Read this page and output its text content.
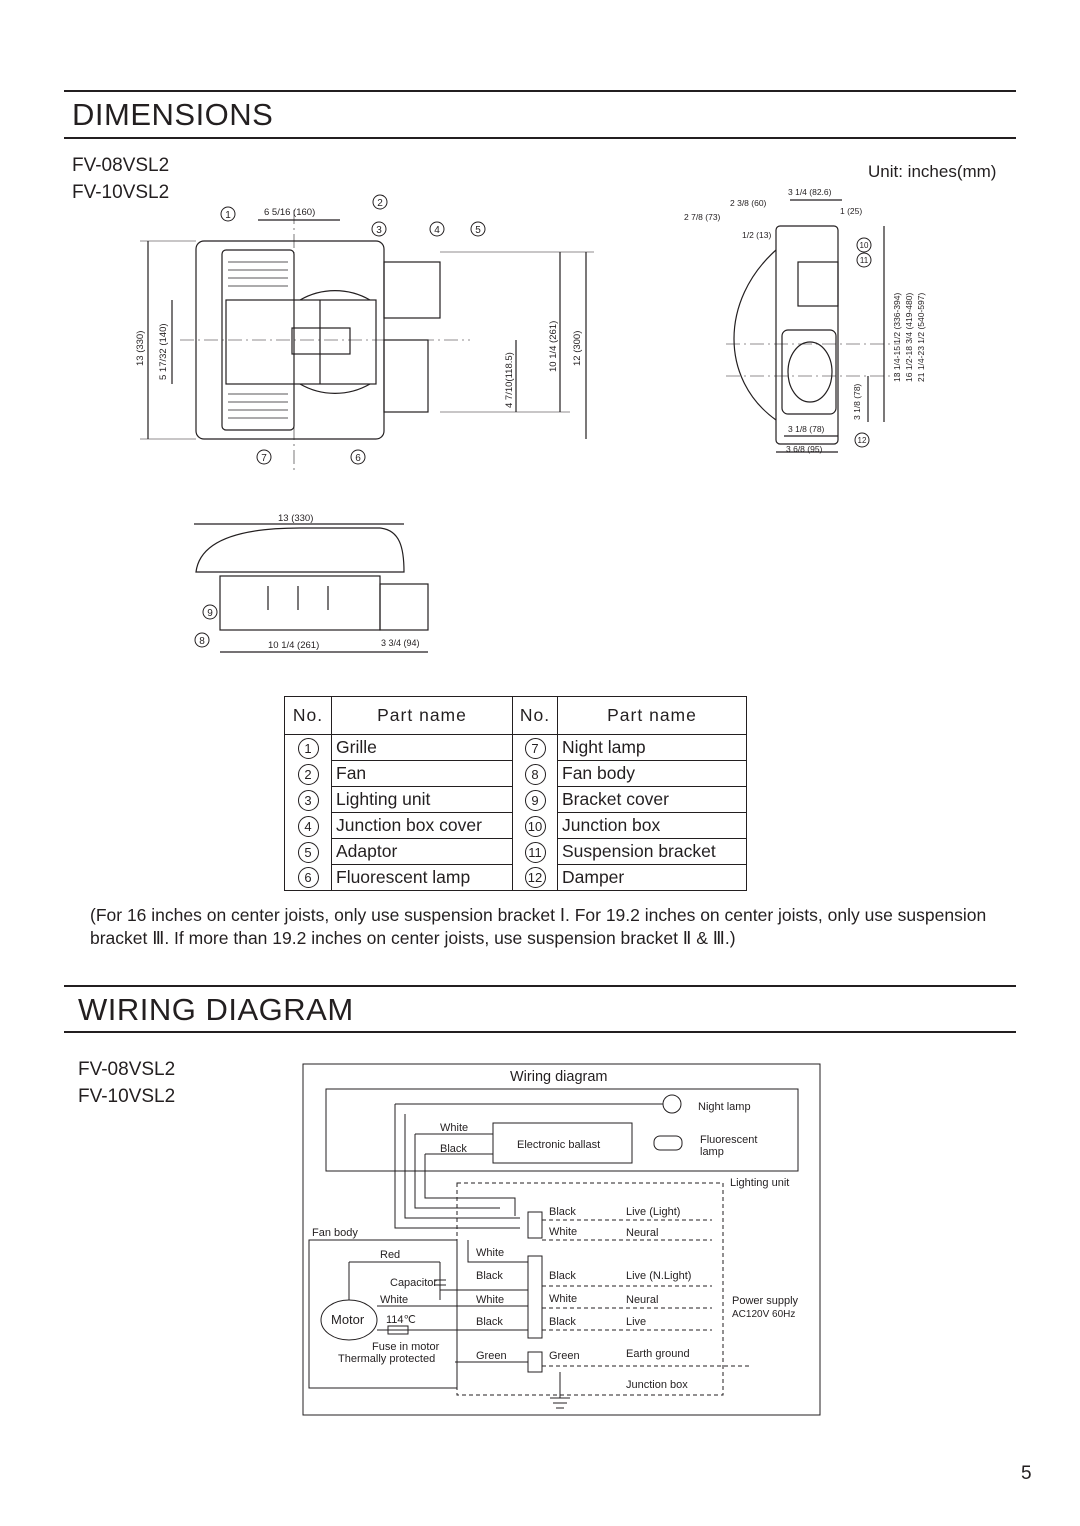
DIMENSIONS
FV-08VSL2
FV-10VSL2
Unit: inches(mm)
6 5/16 (160)
13 (330) 5 17/32 (140)
4 7/10(118.5)
10 1/4 (261) 12 (300)
3 1/4 (82.6)
2 3/8 (60)
2 7/8 (73)
1 (25)
1/2 (13)
3 1/8 (78)
3 1/8 (78)
3 6/8 (95)
13 1/4-15 1/2 (336-394) 16 1/2-18 3/4 (419-480) 21 1/4-23 1/2 (540-597)
13 (330)
10 1/4 (261)	3 3/4 (94)
1
2
3	4	5
6
7
8
9
10
11
12
No.	Part name	No.	Part name
1	Grille	7	Night lamp
2	Fan	8	Fan body
3	Lighting unit	9	Bracket cover
4	Junction box cover	10	Junction box
5	Adaptor	11	Suspension bracket
6	Fluorescent lamp	12	Damper
(For 16 inches on center joists, only use suspension bracket Ⅰ. For 19.2 inches on center joists, only use suspension bracket Ⅲ. If more than 19.2 inches on center joists, use suspension bracket Ⅱ & Ⅲ.)
WIRING DIAGRAM
FV-08VSL2
FV-10VSL2
Wiring diagram
Night lamp
White
Black	Electronic ballast	Fluorescent
lamp
Lighting unit
Fan body
Red
Capacitor
White
Motor 114℃
Fuse in motor
Thermally protected
White
Black
White
Black
Green
Black
White
Black
White
Black
Green
Live (Light)
Neural
Live (N.Light)
Neural
Live
Earth ground
Junction box
Power supply
AC120V 60Hz
5
